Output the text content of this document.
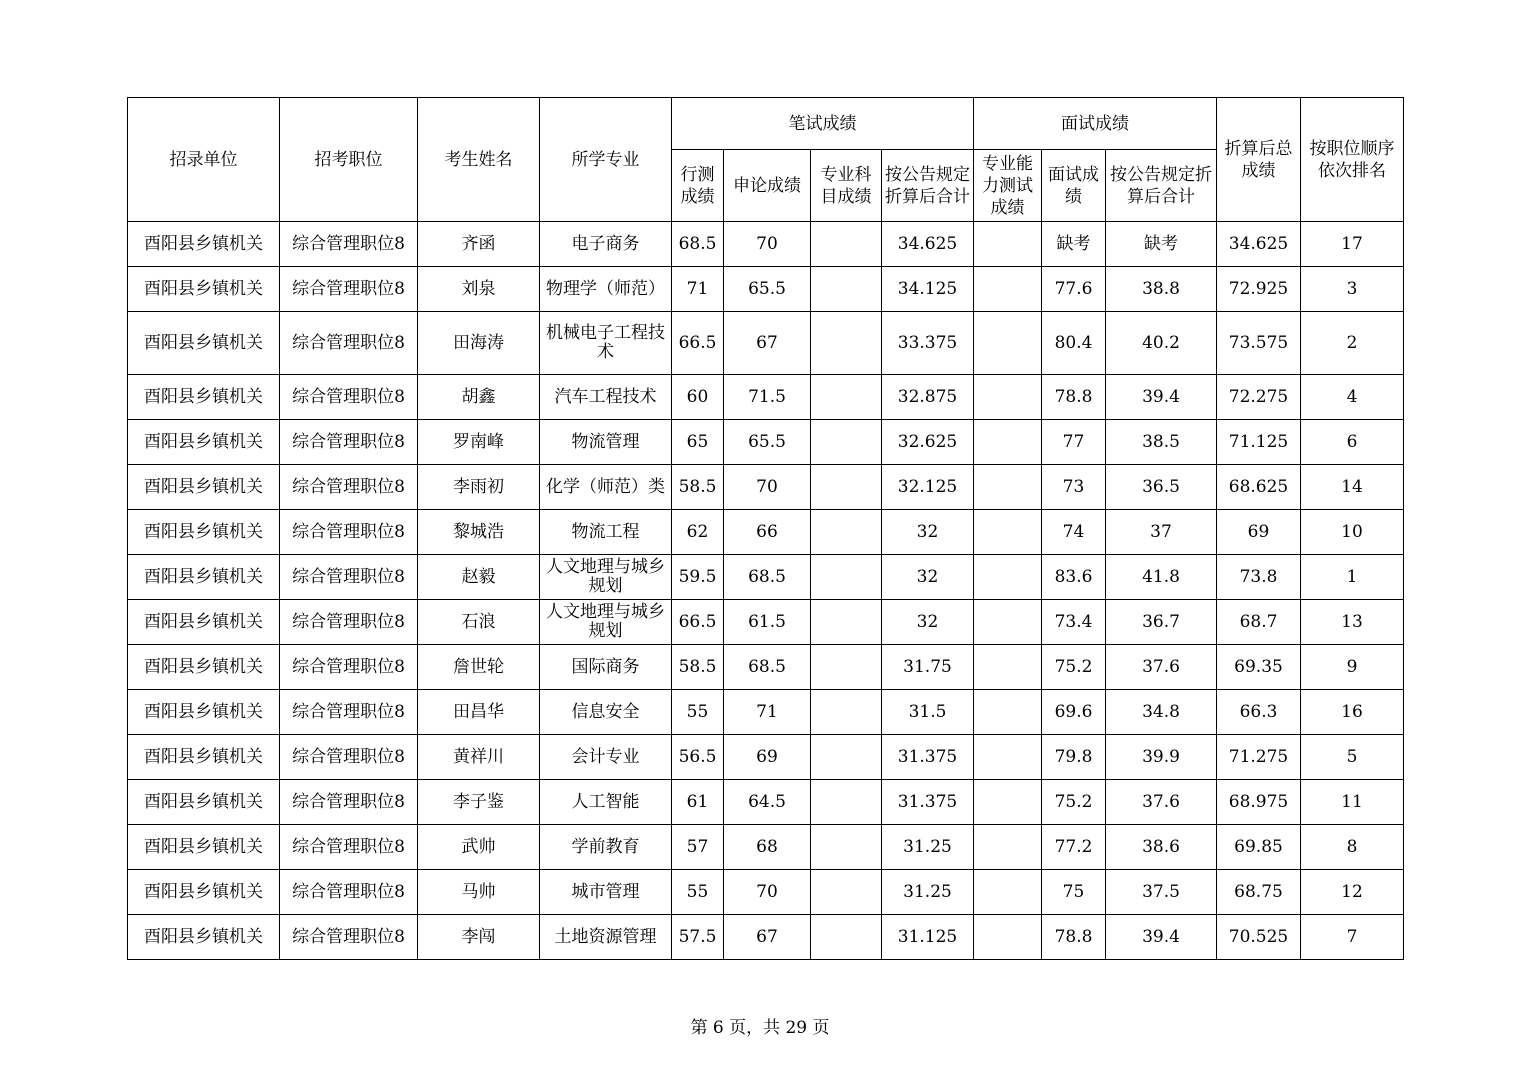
招录单位	招考职位	考生姓名	所学专业	笔试成绩				面试成绩			折算后总成绩	按职位顺序依次排名
				行测成绩	申论成绩	专业科目成绩	按公告规定折算后合计	专业能力测试成绩	面试成绩	按公告规定折算后合计		
酉阳县乡镇机关	综合管理职位8	齐函	电子商务	68.5	70		34.625		缺考	缺考	34.625	17
酉阳县乡镇机关	综合管理职位8	刘泉	物理学（师范）	71	65.5		34.125		77.6	38.8	72.925	3
酉阳县乡镇机关	综合管理职位8	田海涛	机械电子工程技术	66.5	67		33.375		80.4	40.2	73.575	2
酉阳县乡镇机关	综合管理职位8	胡鑫	汽车工程技术	60	71.5		32.875		78.8	39.4	72.275	4
酉阳县乡镇机关	综合管理职位8	罗南峰	物流管理	65	65.5		32.625		77	38.5	71.125	6
酉阳县乡镇机关	综合管理职位8	李雨初	化学（师范）类	58.5	70		32.125		73	36.5	68.625	14
酉阳县乡镇机关	综合管理职位8	黎城浩	物流工程	62	66		32		74	37	69	10
酉阳县乡镇机关	综合管理职位8	赵毅	人文地理与城乡规划	59.5	68.5		32		83.6	41.8	73.8	1
酉阳县乡镇机关	综合管理职位8	石浪	人文地理与城乡规划	66.5	61.5		32		73.4	36.7	68.7	13
酉阳县乡镇机关	综合管理职位8	詹世轮	国际商务	58.5	68.5		31.75		75.2	37.6	69.35	9
酉阳县乡镇机关	综合管理职位8	田昌华	信息安全	55	71		31.5		69.6	34.8	66.3	16
酉阳县乡镇机关	综合管理职位8	黄祥川	会计专业	56.5	69		31.375		79.8	39.9	71.275	5
酉阳县乡镇机关	综合管理职位8	李子鉴	人工智能	61	64.5		31.375		75.2	37.6	68.975	11
酉阳县乡镇机关	综合管理职位8	武帅	学前教育	57	68		31.25		77.2	38.6	69.85	8
酉阳县乡镇机关	综合管理职位8	马帅	城市管理	55	70		31.25		75	37.5	68.75	12
酉阳县乡镇机关	综合管理职位8	李闯	土地资源管理	57.5	67		31.125		78.8	39.4	70.525	7
第 6 页，共 29 页
